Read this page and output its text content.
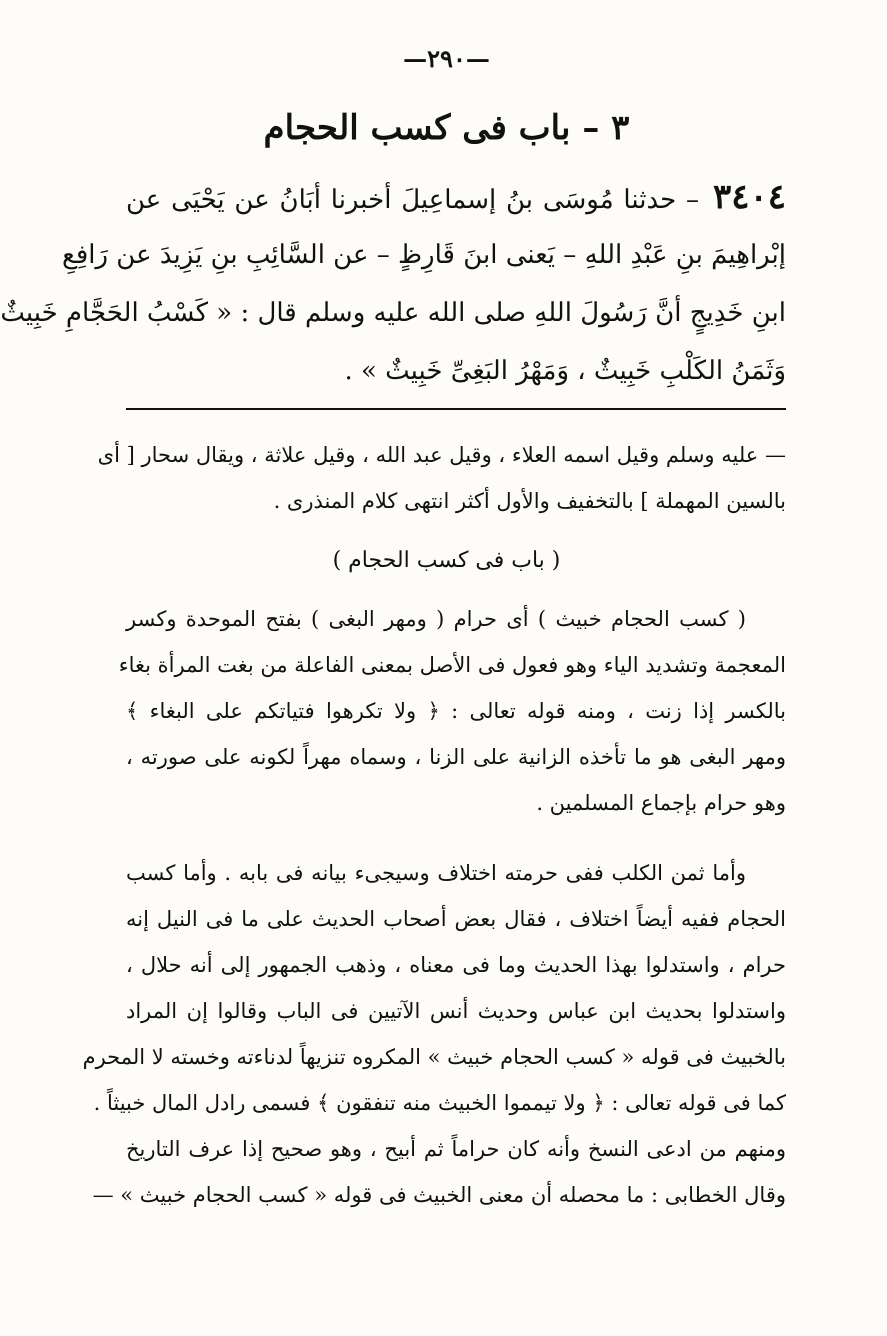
—٢٩٠—
٣ – باب فى كسب الحجام
٣٤٠٤– حدثنا مُوسَى بنُ إسماعِيلَ أخبرنا أبَانُ عن يَحْيَى عن
إبْراهِيمَ بنِ عَبْدِ اللهِ – يَعنى ابنَ قَارِظٍ – عن السَّائِبِ بنِ يَزِيدَ عن رَافِعِ
ابنِ خَدِيجٍ أنَّ رَسُولَ اللهِ صلى الله عليه وسلم قال : « كَسْبُ الحَجَّامِ خَبِيثٌ
وَثَمَنُ الكَلْبِ خَبِيثٌ ، وَمَهْرُ البَغِىِّ خَبِيثٌ » .
— عليه وسلم وقيل اسمه العلاء ، وقيل عبد الله ، وقيل علاثة ، ويقال سحار [ أى
بالسين المهملة ] بالتخفيف والأول أكثر انتهى كلام المنذرى .
( باب فى كسب الحجام )
( كسب الحجام خبيث ) أى حرام ( ومهر البغى ) بفتح الموحدة وكسر
المعجمة وتشديد الياء وهو فعول فى الأصل بمعنى الفاعلة من بغت المرأة بغاء
بالكسر إذا زنت ، ومنه قوله تعالى : ﴿ ولا تكرهوا فتياتكم على البغاء ﴾
ومهر البغى هو ما تأخذه الزانية على الزنا ، وسماه مهراً لكونه على صورته ،
وهو حرام بإجماع المسلمين .
وأما ثمن الكلب ففى حرمته اختلاف وسيجىء بيانه فى بابه . وأما كسب
الحجام ففيه أيضاً اختلاف ، فقال بعض أصحاب الحديث على ما فى النيل إنه
حرام ، واستدلوا بهذا الحديث وما فى معناه ، وذهب الجمهور إلى أنه حلال ،
واستدلوا بحديث ابن عباس وحديث أنس الآتيين فى الباب وقالوا إن المراد
بالخبيث فى قوله « كسب الحجام خبيث » المكروه تنزيهاً لدناءته وخسته لا المحرم
كما فى قوله تعالى : ﴿ ولا تيمموا الخبيث منه تنفقون ﴾ فسمى رادل المال خبيثاً .
ومنهم من ادعى النسخ وأنه كان حراماً ثم أبيح ، وهو صحيح إذا عرف التاريخ
وقال الخطابى : ما محصله أن معنى الخبيث فى قوله « كسب الحجام خبيث » —
